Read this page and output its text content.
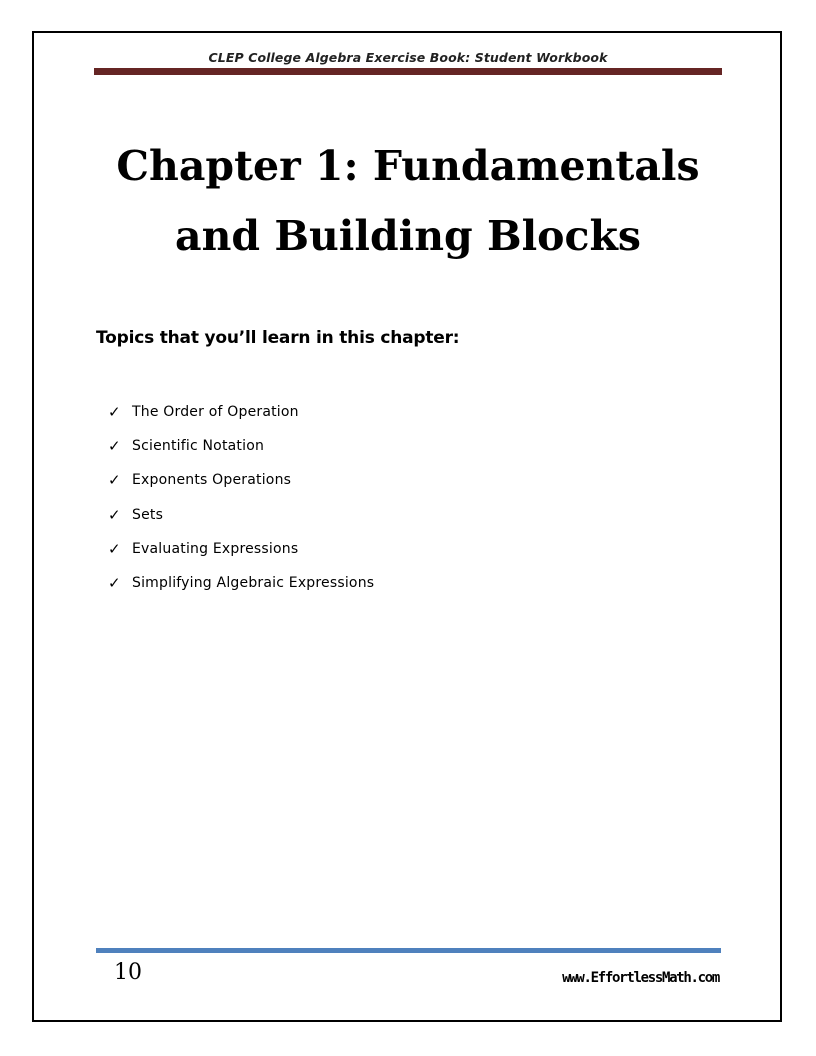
CLEP College Algebra Exercise Book: Student Workbook
Chapter 1: Fundamentals
and Building Blocks
Topics that you’ll learn in this chapter:
✓ The Order of Operation
✓ Scientific Notation
✓ Exponents Operations
✓ Sets
✓ Evaluating Expressions
✓ Simplifying Algebraic Expressions
10	www.EffortlessMath.com
